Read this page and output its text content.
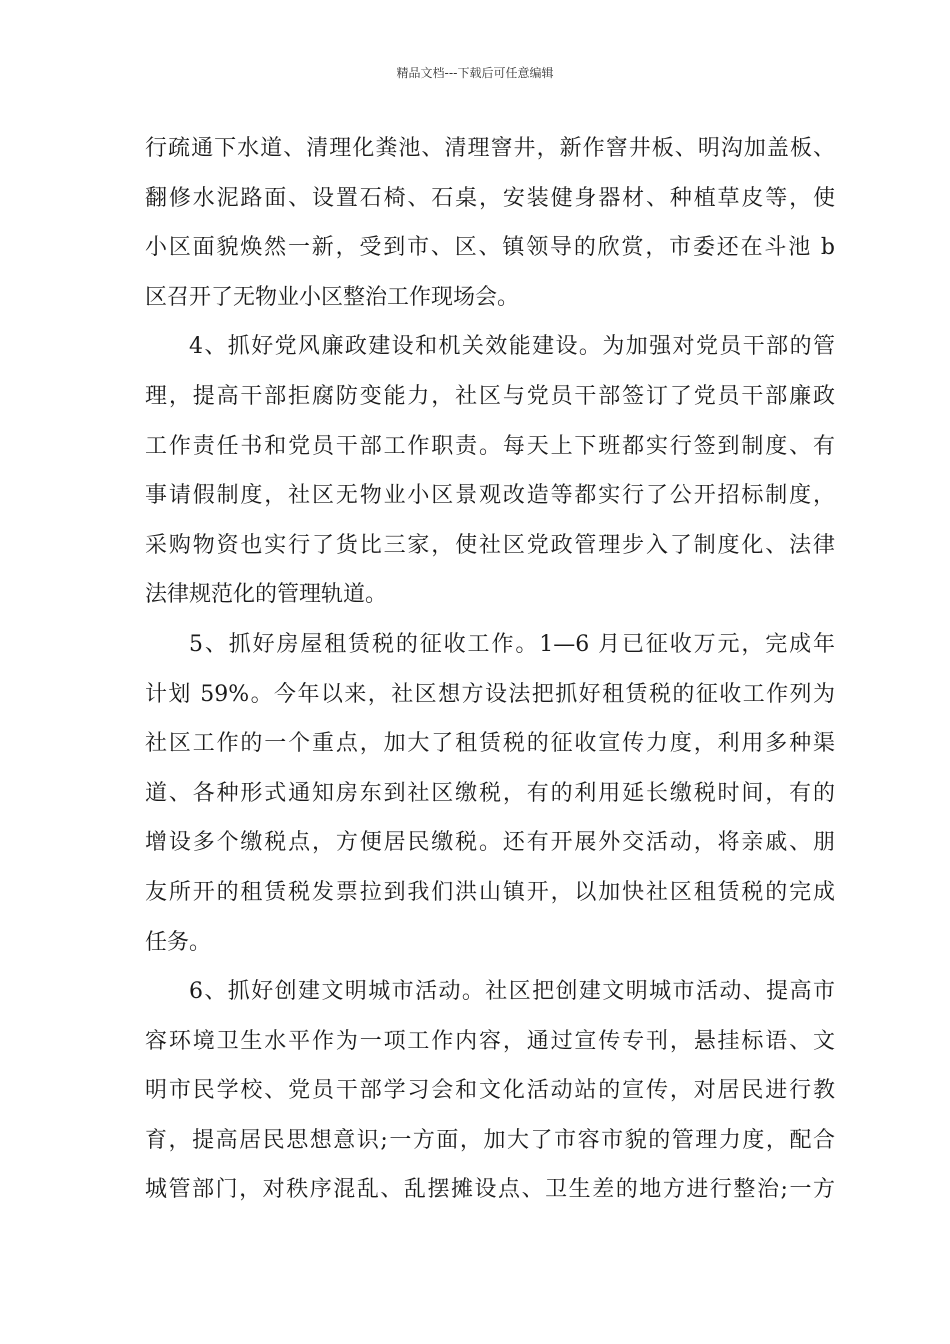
精品文档---下载后可任意编辑
行疏通下水道、清理化粪池、清理窨井，新作窨井板、明沟加盖板、
翻修水泥路面、设置石椅、石桌，安装健身器材、种植草皮等，使
小区面貌焕然一新，受到市、区、镇领导的欣赏，市委还在斗池 b
区召开了无物业小区整治工作现场会。
4、抓好党风廉政建设和机关效能建设。为加强对党员干部的管
理，提高干部拒腐防变能力，社区与党员干部签订了党员干部廉政
工作责任书和党员干部工作职责。每天上下班都实行签到制度、有
事请假制度，社区无物业小区景观改造等都实行了公开招标制度，
采购物资也实行了货比三家，使社区党政管理步入了制度化、法律
法律规范化的管理轨道。
5、抓好房屋租赁税的征收工作。1—6 月已征收万元，完成年
计划 59%。今年以来，社区想方设法把抓好租赁税的征收工作列为
社区工作的一个重点，加大了租赁税的征收宣传力度，利用多种渠
道、各种形式通知房东到社区缴税，有的利用延长缴税时间，有的
增设多个缴税点，方便居民缴税。还有开展外交活动，将亲戚、朋
友所开的租赁税发票拉到我们洪山镇开，以加快社区租赁税的完成
任务。
6、抓好创建文明城市活动。社区把创建文明城市活动、提高市
容环境卫生水平作为一项工作内容，通过宣传专刊，悬挂标语、文
明市民学校、党员干部学习会和文化活动站的宣传，对居民进行教
育，提高居民思想意识;一方面，加大了市容市貌的管理力度，配合
城管部门，对秩序混乱、乱摆摊设点、卫生差的地方进行整治;一方
